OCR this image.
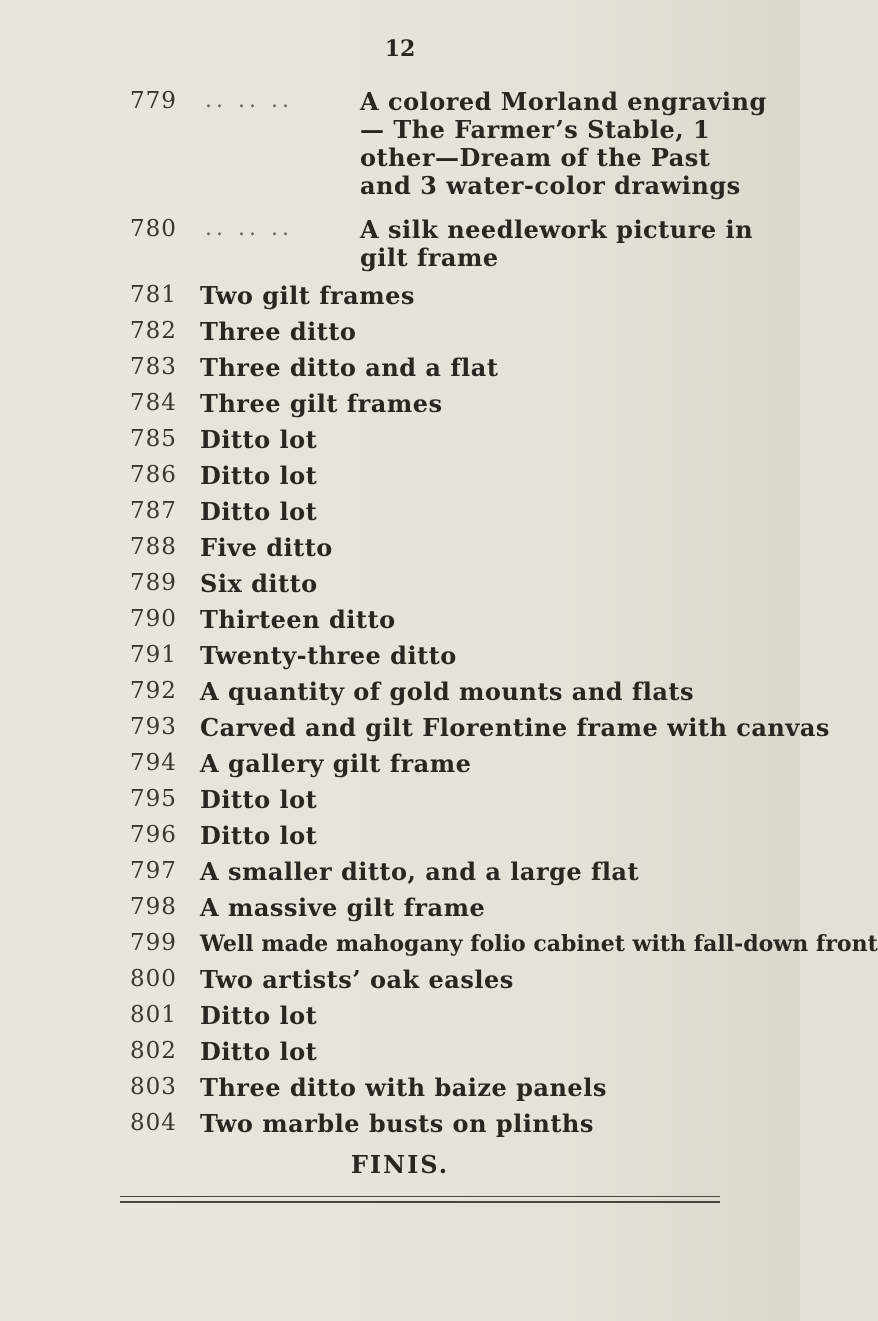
12
779 .. .. ..	A colored Morland engraving— The Farmer’s Stable, 1 other—Dream of the Past and 3 water-color drawings
780 .. .. ..	A silk needlework picture in gilt frame
781 Two gilt frames
782 Three ditto
783 Three ditto and a flat
784 Three gilt frames
785 Ditto lot
786 Ditto lot
787 Ditto lot
788 Five ditto
789 Six ditto
790 Thirteen ditto
791 Twenty-three ditto
792 A quantity of gold mounts and flats
793 Carved and gilt Florentine frame with canvas
794 A gallery gilt frame
795 Ditto lot
796 Ditto lot
797 A smaller ditto, and a large flat
798 A massive gilt frame
799 Well made mahogany folio cabinet with fall-down front
800 Two artists’ oak easles
801 Ditto lot
802 Ditto lot
803 Three ditto with baize panels
804 Two marble busts on plinths
FINIS.
